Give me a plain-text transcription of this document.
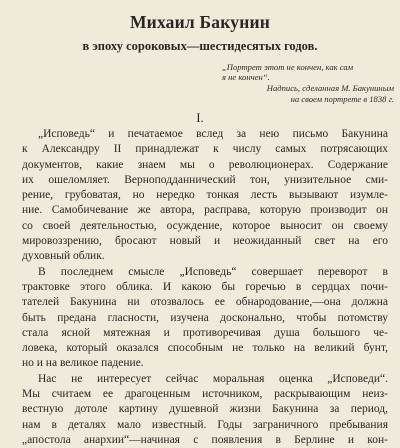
Михаил Бакунин
в эпоху сороковых—шестидесятых годов.
„Портрет этот не кончен, как сам
я не кончен“.
Надпись, сделанная М. Бакуниным
на своем портрете в 1838 г.
I.
„Исповедь“ и печатаемое вслед за нею письмо Бакунина
к Александру II принадлежат к числу самых потрясающих
документов, какие знаем мы о революционерах. Содержание
их ошеломляет. Верноподданнический тон, унизительное сми-
рение, грубоватая, но нередко тонкая лесть вызывают изумле-
ние. Самобичевание же автора, расправа, которую производит он
со своей деятельностью, осуждение, которое выносит он своему
мировоззрению, бросают новый и неожиданный свет на его
духовный облик.
В последнем смысле „Исповедь“ совершает переворот в
трактовке этого облика. И какою бы горечью в сердцах почи-
тателей Бакунина ни отозвалось ее обнародование,—она должна
быть предана гласности, изучена досконально, чтобы потомству
стала ясной мятежная и противоречивая душа большого че-
ловека, который оказался способным не только на великий бунт,
но и на великое падение.
Нас не интересует сейчас моральная оценка „Исповеди“.
Мы считаем ее драгоценным источником, раскрывающим неиз-
вестную дотоле картину душевной жизни Бакунина за период,
нам в деталях мало известный. Годы заграничного пребывания
„апостола анархии“—начиная с появления в Берлине и кон-
